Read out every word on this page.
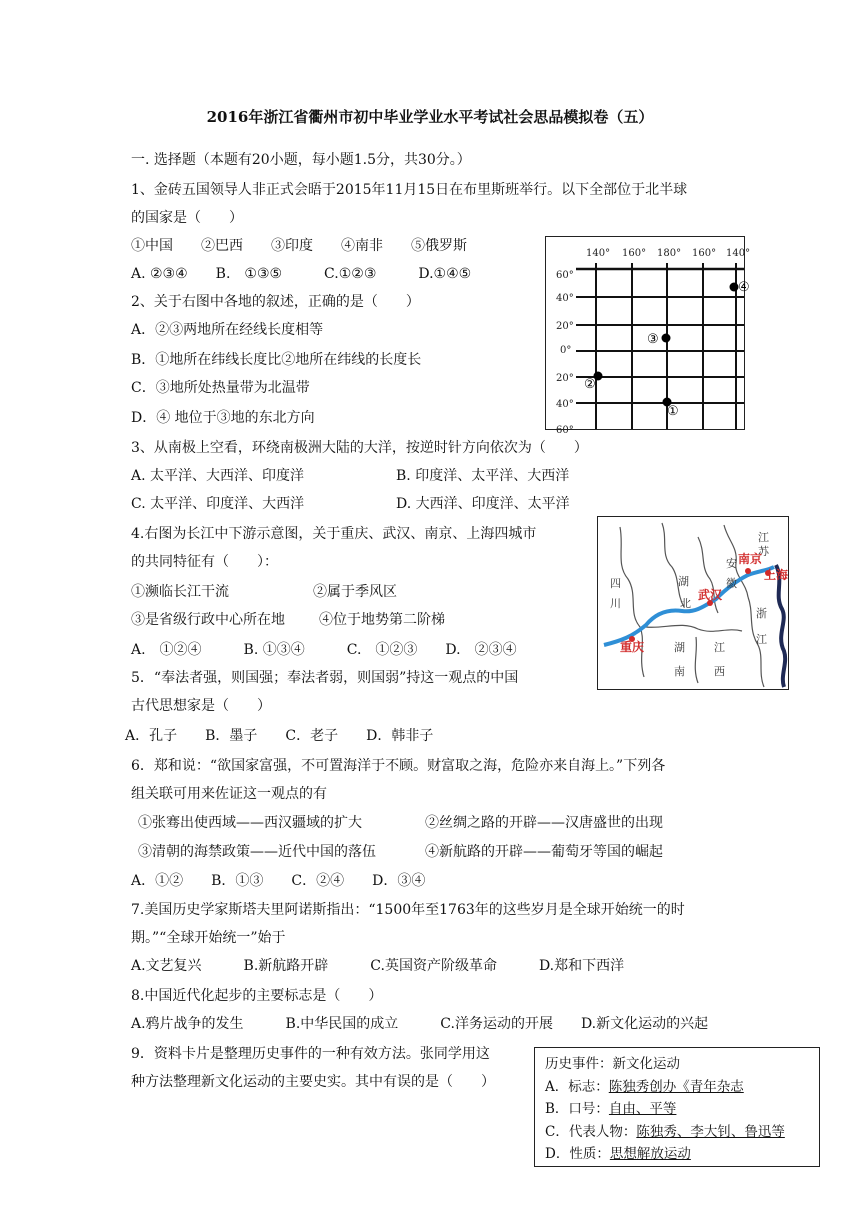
2016年浙江省衢州市初中毕业学业水平考试社会思品模拟卷（五）
一. 选择题（本题有20小题，每小题1.5分，共30分。）
1、金砖五国领导人非正式会晤于2015年11月15日在布里斯班举行。以下全部位于北半球
的国家是（　　）
①中国　　②巴西　　③印度　　④南非　　⑤俄罗斯
A. ②③④　　B.　①③⑤　　　C.①②③　　　D.①④⑤
2、关于右图中各地的叙述，正确的是（　　）
A．②③两地所在经线长度相等
B．①地所在纬线长度比②地所在纬线的长度长
C．③地所处热量带为北温带
D．④ 地位于③地的东北方向
140° 160° 180° 160° 140°
60°
40°
20°
0°
20°
40°
60°
④
③
②
①
3、从南极上空看，环绕南极洲大陆的大洋，按逆时针方向依次为（　　）
A. 太平洋、大西洋、印度洋	B. 印度洋、太平洋、大西洋
C. 太平洋、印度洋、大西洋	D. 大西洋、印度洋、太平洋
4.右图为长江中下游示意图，关于重庆、武汉、南京、上海四城市
的共同特征有（　　）：
①濒临长江干流	②属于季风区
③是省级行政中心所在地 ④位于地势第二阶梯
A.　①②④　　　B. ①③④　　　C.　①②③　　D.　②③④
四
川
湖
北
安
徽
江
苏
浙
江
湖
南
江
西
重庆
武汉
南京
上海
5．“奉法者强，则国强；奉法者弱，则国弱”持这一观点的中国
古代思想家是（　　）
A．孔子　　B．墨子　　C．老子　　D．韩非子
6．郑和说：“欲国家富强，不可置海洋于不顾。财富取之海，危险亦来自海上。”下列各
组关联可用来佐证这一观点的有
①张骞出使西域——西汉疆域的扩大	②丝绸之路的开辟——汉唐盛世的出现
③清朝的海禁政策——近代中国的落伍	④新航路的开辟——葡萄牙等国的崛起
A．①②　　B．①③　　C．②④　　D．③④
7.美国历史学家斯塔夫里阿诺斯指出：“1500年至1763年的这些岁月是全球开始统一的时
期。”“全球开始统一”始于
A.文艺复兴　　　B.新航路开辟　　　C.英国资产阶级革命　　　D.郑和下西洋
8.中国近代化起步的主要标志是（　　）
A.鸦片战争的发生　　　B.中华民国的成立　　　C.洋务运动的开展　　D.新文化运动的兴起
9．资料卡片是整理历史事件的一种有效方法。张同学用这
种方法整理新文化运动的主要史实。其中有误的是（　　）
历史事件：新文化运动
A．标志：陈独秀创办《青年杂志
B．口号：自由、平等
C．代表人物：陈独秀、李大钊、鲁迅等
D．性质：思想解放运动
